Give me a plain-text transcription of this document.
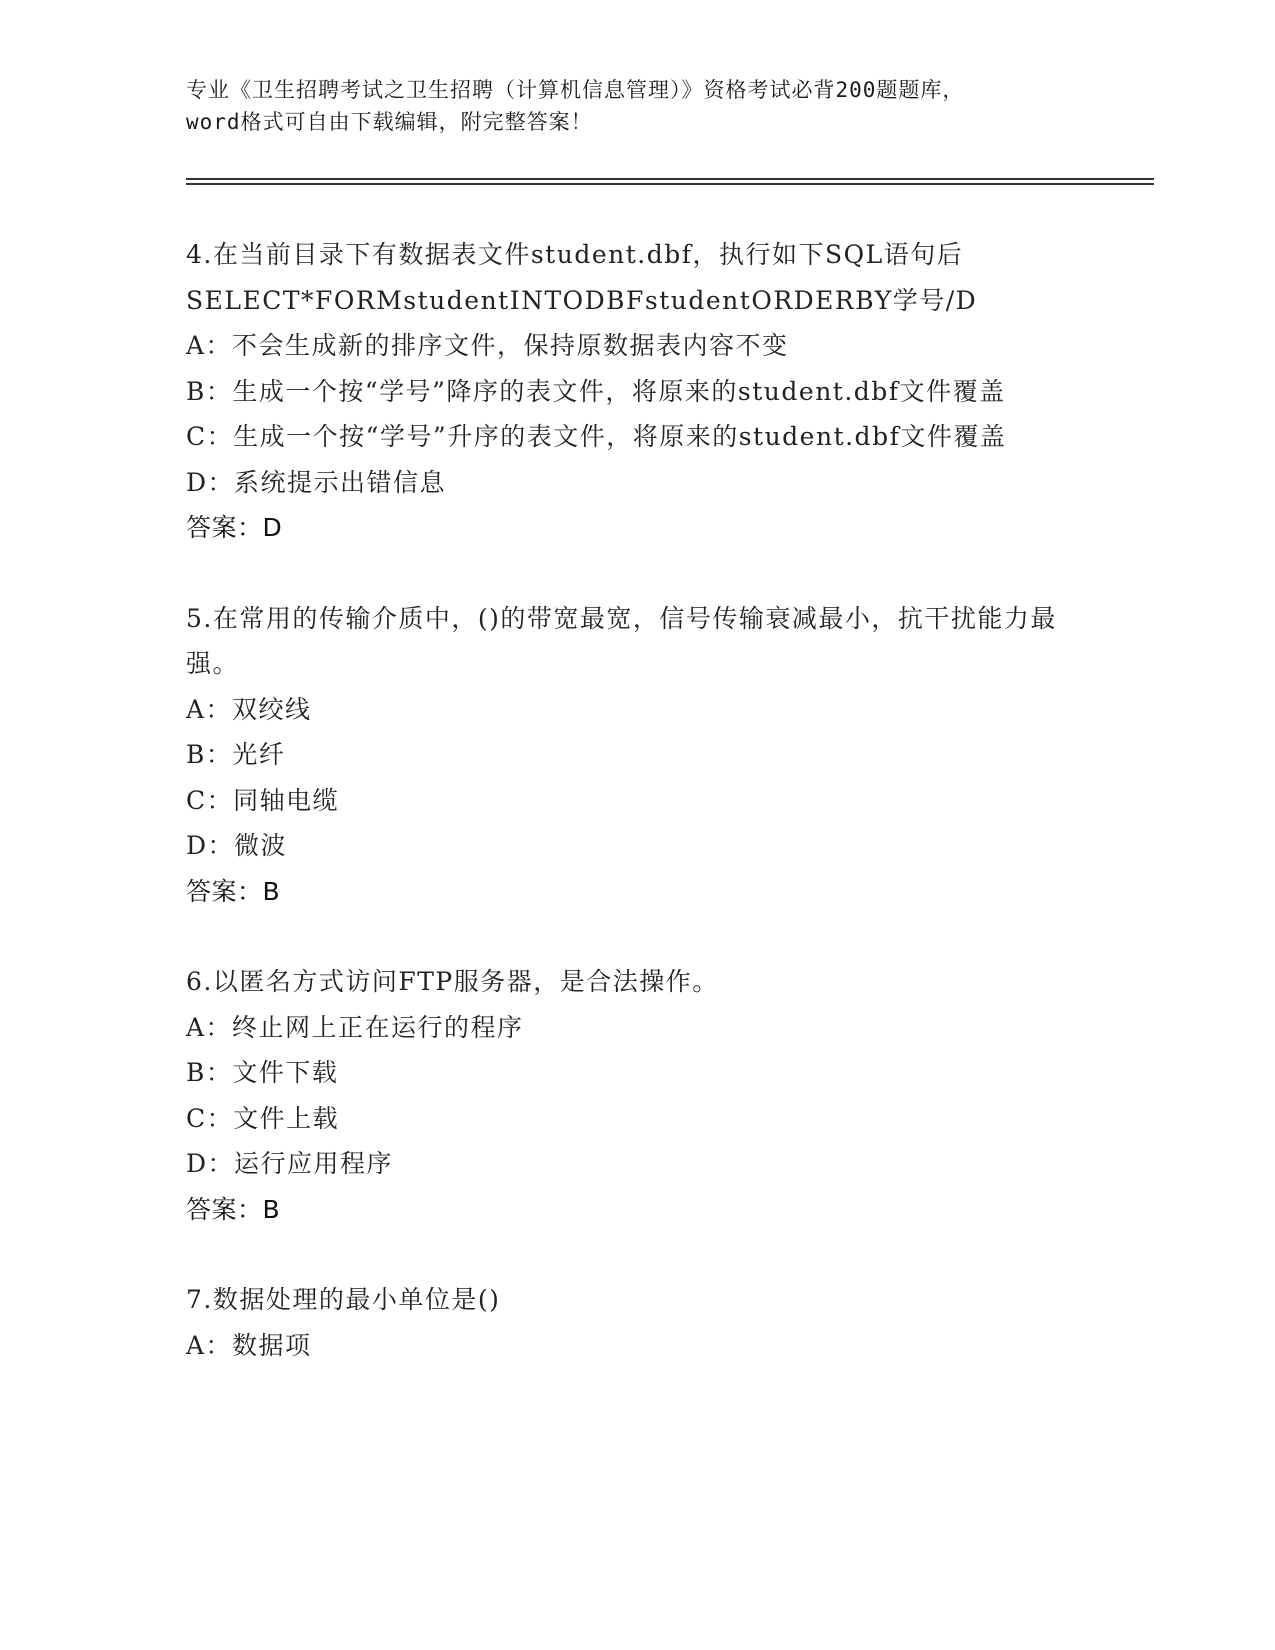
专业《卫生招聘考试之卫生招聘（计算机信息管理）》资格考试必背200题题库，
word格式可自由下载编辑，附完整答案！
4.在当前目录下有数据表文件student.dbf，执行如下SQL语句后
SELECT*FORMstudentINTODBFstudentORDERBY学号/D
A：不会生成新的排序文件，保持原数据表内容不变
B：生成一个按“学号”降序的表文件，将原来的student.dbf文件覆盖
C：生成一个按“学号”升序的表文件，将原来的student.dbf文件覆盖
D：系统提示出错信息
答案：D
5.在常用的传输介质中，()的带宽最宽，信号传输衰减最小，抗干扰能力最强。
A：双绞线
B：光纤
C：同轴电缆
D：微波
答案：B
6.以匿名方式访问FTP服务器，是合法操作。
A：终止网上正在运行的程序
B：文件下载
C：文件上载
D：运行应用程序
答案：B
7.数据处理的最小单位是()
A：数据项
